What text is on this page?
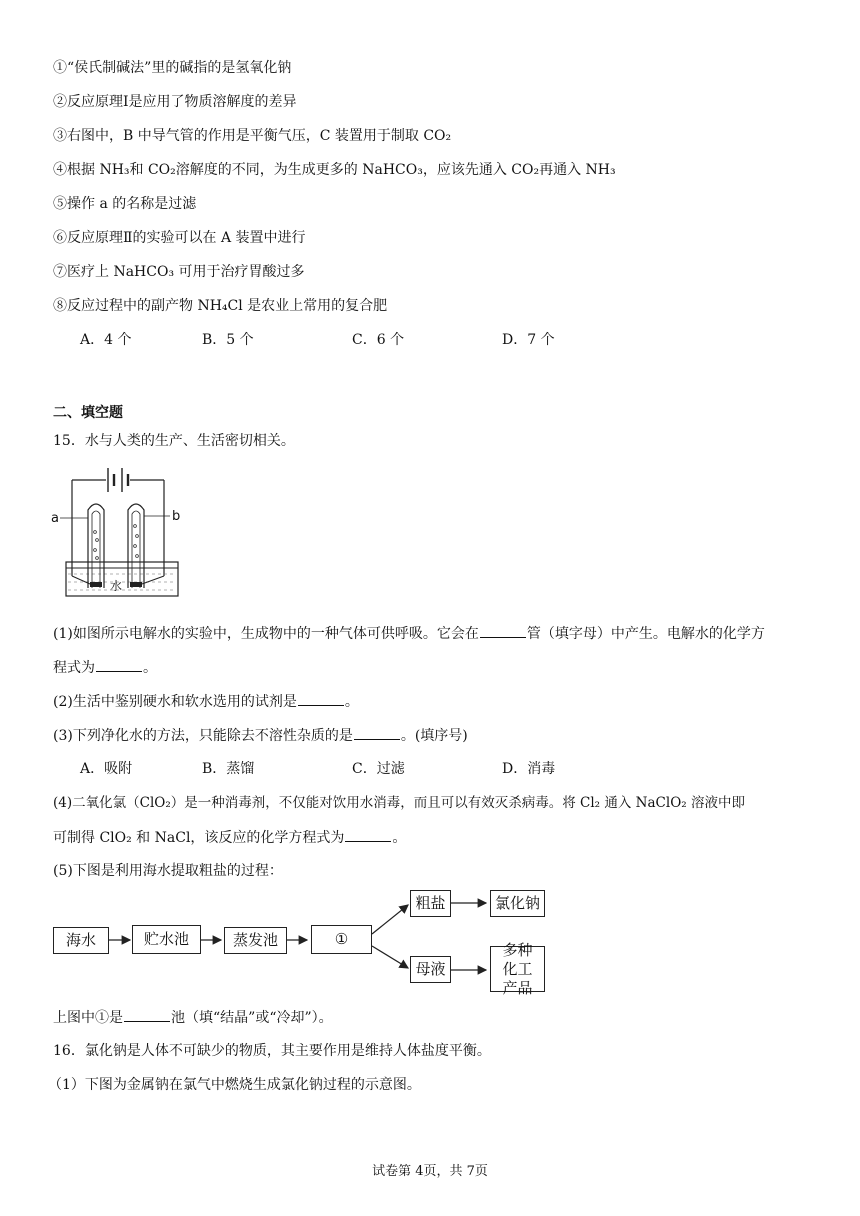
①“侯氏制碱法”里的碱指的是氢氧化钠
②反应原理Ⅰ是应用了物质溶解度的差异
③右图中，B 中导气管的作用是平衡气压，C 装置用于制取 CO₂
④根据 NH₃和 CO₂溶解度的不同，为生成更多的 NaHCO₃，应该先通入 CO₂再通入 NH₃
⑤操作 a 的名称是过滤
⑥反应原理Ⅱ的实验可以在 A 装置中进行
⑦医疗上 NaHCO₃ 可用于治疗胃酸过多
⑧反应过程中的副产物 NH₄Cl 是农业上常用的复合肥
A．4 个	B．5 个	C．6 个	D．7 个
二、填空题
15．水与人类的生产、生活密切相关。
a	b
水
(1)如图所示电解水的实验中，生成物中的一种气体可供呼吸。它会在	管（填字母）中产生。电解水的化学方
程式为	。
(2)生活中鉴别硬水和软水选用的试剂是	。
(3)下列净化水的方法，只能除去不溶性杂质的是	。(填序号)
A．吸附	B．蒸馏	C．过滤	D．消毒
(4)二氧化氯（ClO₂）是一种消毒剂，不仅能对饮用水消毒，而且可以有效灭杀病毒。将 Cl₂ 通入 NaClO₂ 溶液中即
可制得 ClO₂ 和 NaCl，该反应的化学方程式为	。
(5)下图是利用海水提取粗盐的过程：
海水	贮水池	蒸发池	①
粗盐	氯化钠
母液
多种化工产品
上图中①是	池（填“结晶”或“冷却”）。
16．氯化钠是人体不可缺少的物质，其主要作用是维持人体盐度平衡。
（1）下图为金属钠在氯气中燃烧生成氯化钠过程的示意图。
试卷第 4页，共 7页
